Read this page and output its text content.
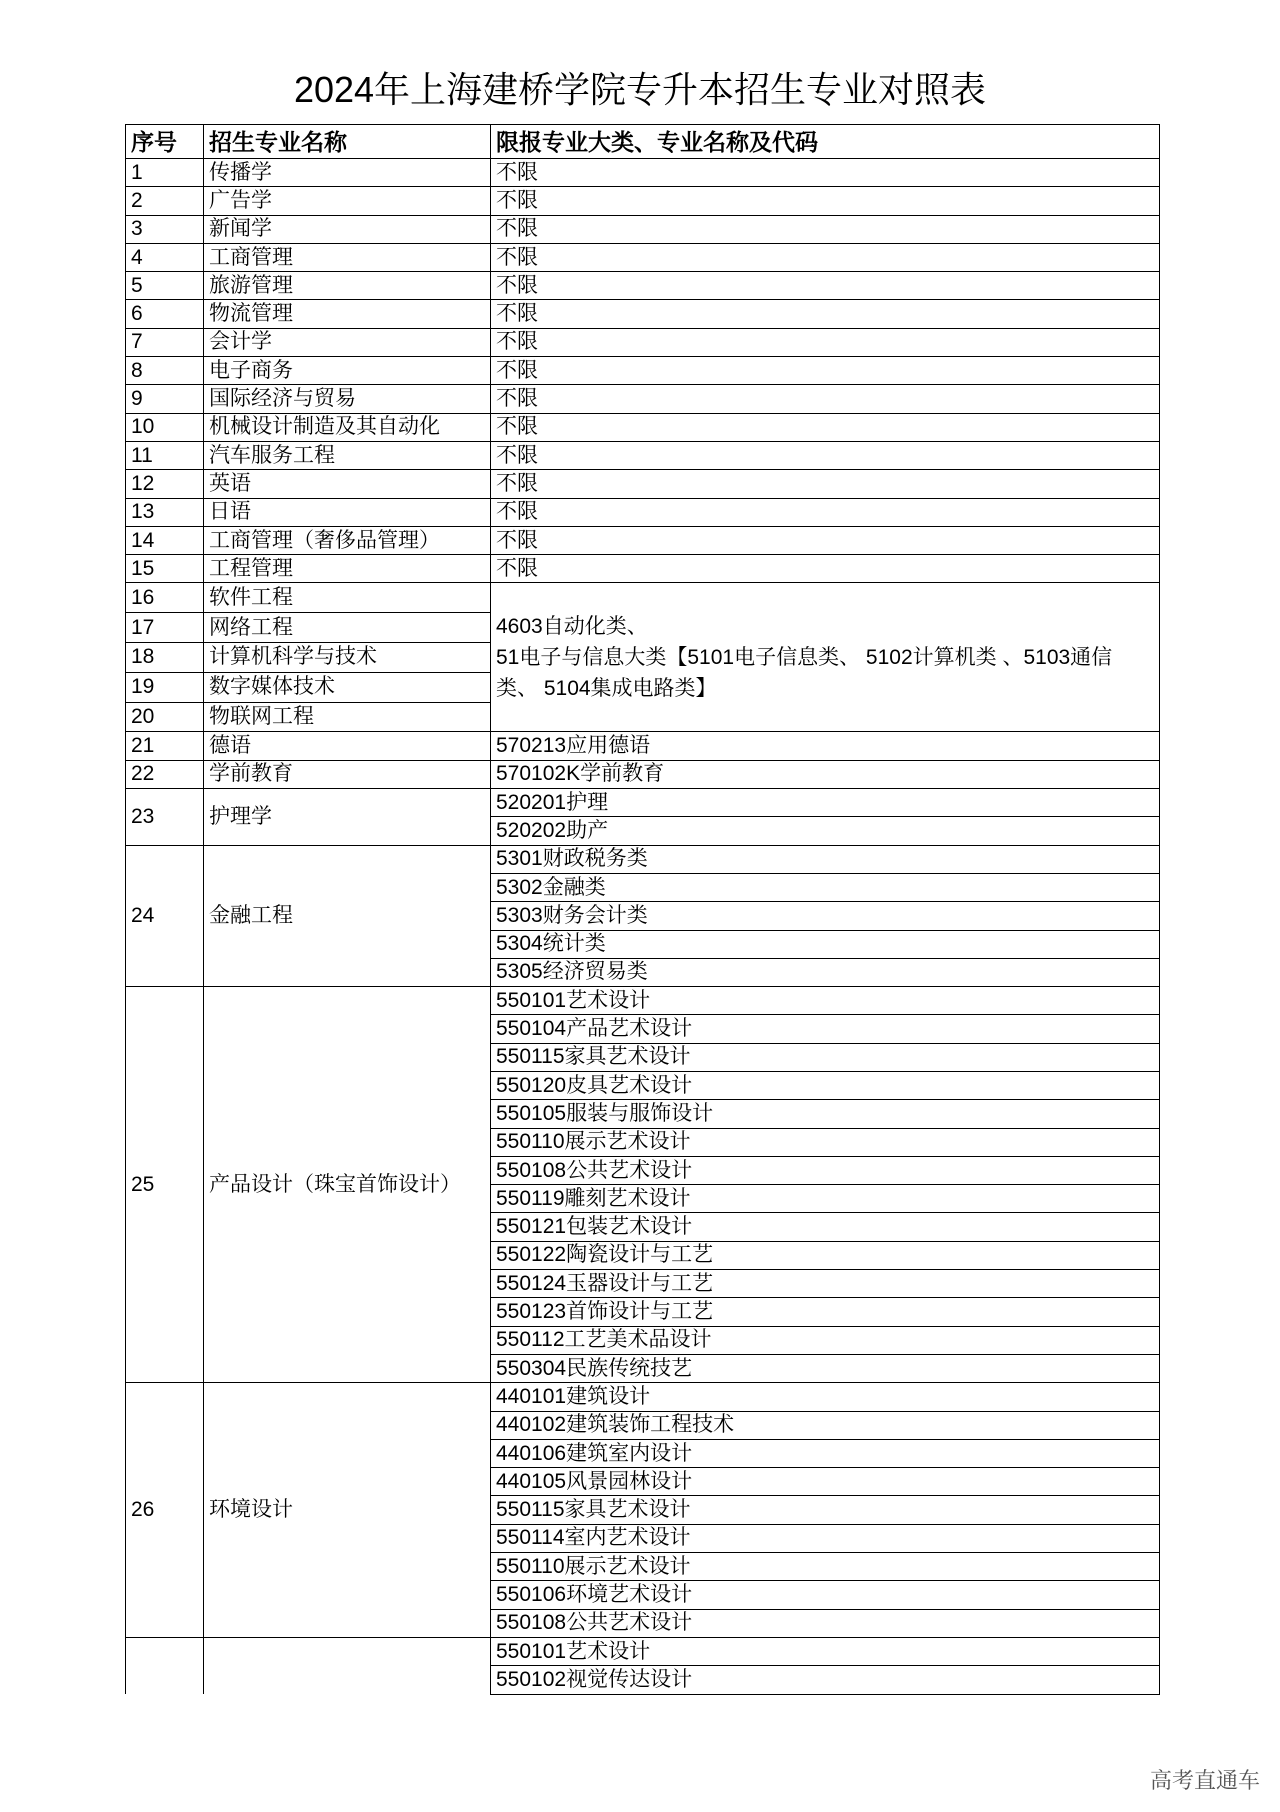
2024年上海建桥学院专升本招生专业对照表
序号	招生专业名称	限报专业大类、专业名称及代码
1	传播学	不限
2	广告学	不限
3	新闻学	不限
4	工商管理	不限
5	旅游管理	不限
6	物流管理	不限
7	会计学	不限
8	电子商务	不限
9	国际经济与贸易	不限
10	机械设计制造及其自动化	不限
11	汽车服务工程	不限
12	英语	不限
13	日语	不限
14	工商管理（奢侈品管理）	不限
15	工程管理	不限
16	软件工程	4603自动化类、
51电子与信息大类【5101电子信息类、 5102计算机类 、5103通信
类、 5104集成电路类】

17	网络工程	
18	计算机科学与技术	
19	数字媒体技术	
20	物联网工程	
21	德语	570213应用德语
22	学前教育	570102K学前教育
23	护理学	520201护理
		520202助产
24	金融工程	5301财政税务类
		5302金融类
		5303财务会计类
		5304统计类
		5305经济贸易类
25	产品设计（珠宝首饰设计）	550101艺术设计
		550104产品艺术设计
		550115家具艺术设计
		550120皮具艺术设计
		550105服装与服饰设计
		550110展示艺术设计
		550108公共艺术设计
		550119雕刻艺术设计
		550121包装艺术设计
		550122陶瓷设计与工艺
		550124玉器设计与工艺
		550123首饰设计与工艺
		550112工艺美术品设计
		550304民族传统技艺
26	环境设计	440101建筑设计
		440102建筑装饰工程技术
		440106建筑室内设计
		440105风景园林设计
		550115家具艺术设计
		550114室内艺术设计
		550110展示艺术设计
		550106环境艺术设计
		550108公共艺术设计
		550101艺术设计
		550102视觉传达设计
高考直通车
